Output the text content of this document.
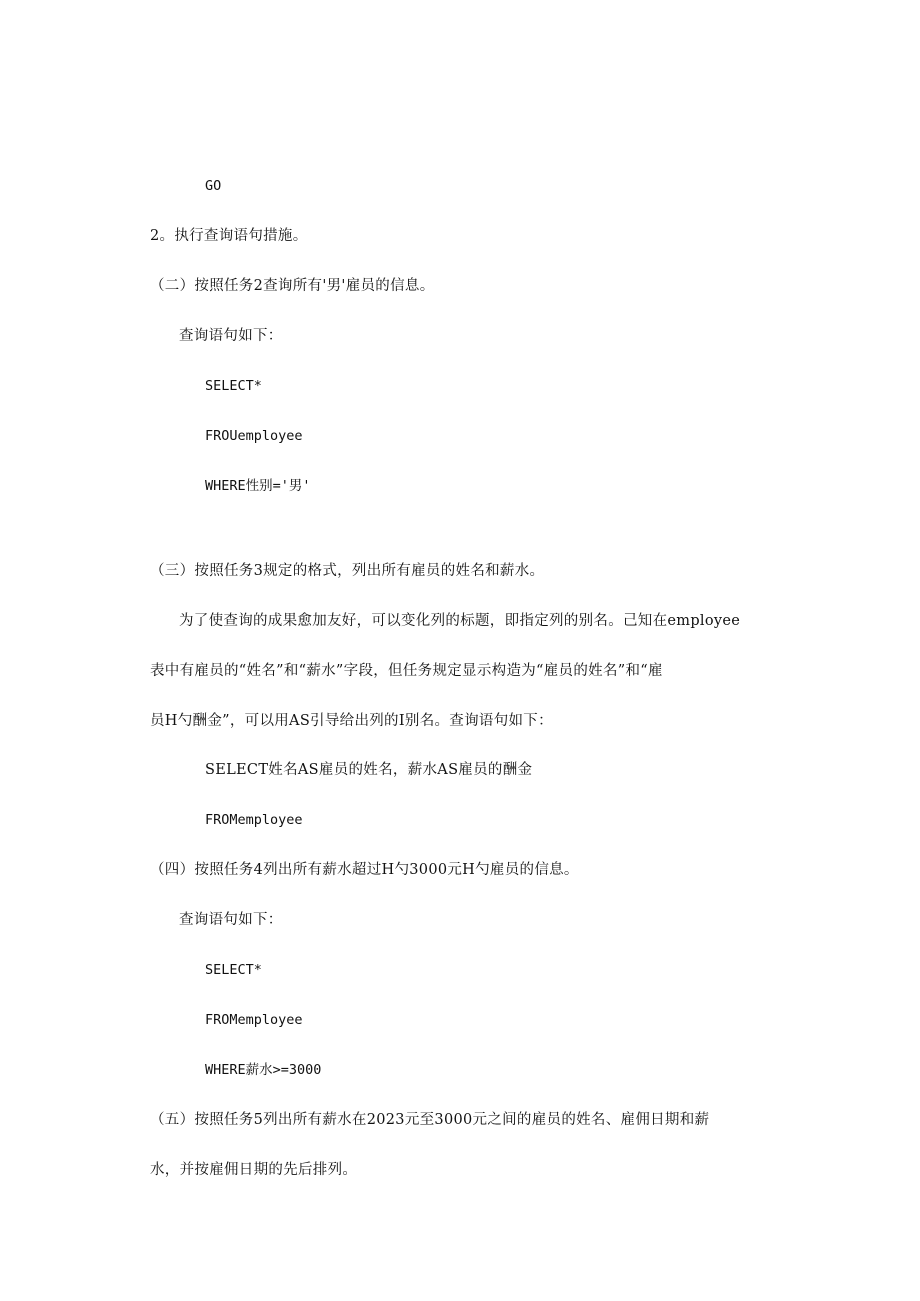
GO
2。执行查询语句措施。
（二）按照任务2查询所有'男'雇员的信息。
查询语句如下：
SELECT*
FROUemployee
WHERE性别='男'
（三）按照任务3规定的格式，列出所有雇员的姓名和薪水。
为了使查询的成果愈加友好，可以变化列的标题，即指定列的别名。己知在employee
表中有雇员的“姓名”和“薪水”字段，但任务规定显示构造为“雇员的姓名”和“雇
员H勺酬金”，可以用AS引导给出列的I别名。查询语句如下：
SELECT姓名AS雇员的姓名，薪水AS雇员的酬金
FROMemployee
（四）按照任务4列出所有薪水超过H勺3000元H勺雇员的信息。
查询语句如下：
SELECT*
FROMemployee
WHERE薪水>=3000
（五）按照任务5列出所有薪水在2023元至3000元之间的雇员的姓名、雇佣日期和薪
水，并按雇佣日期的先后排列。
